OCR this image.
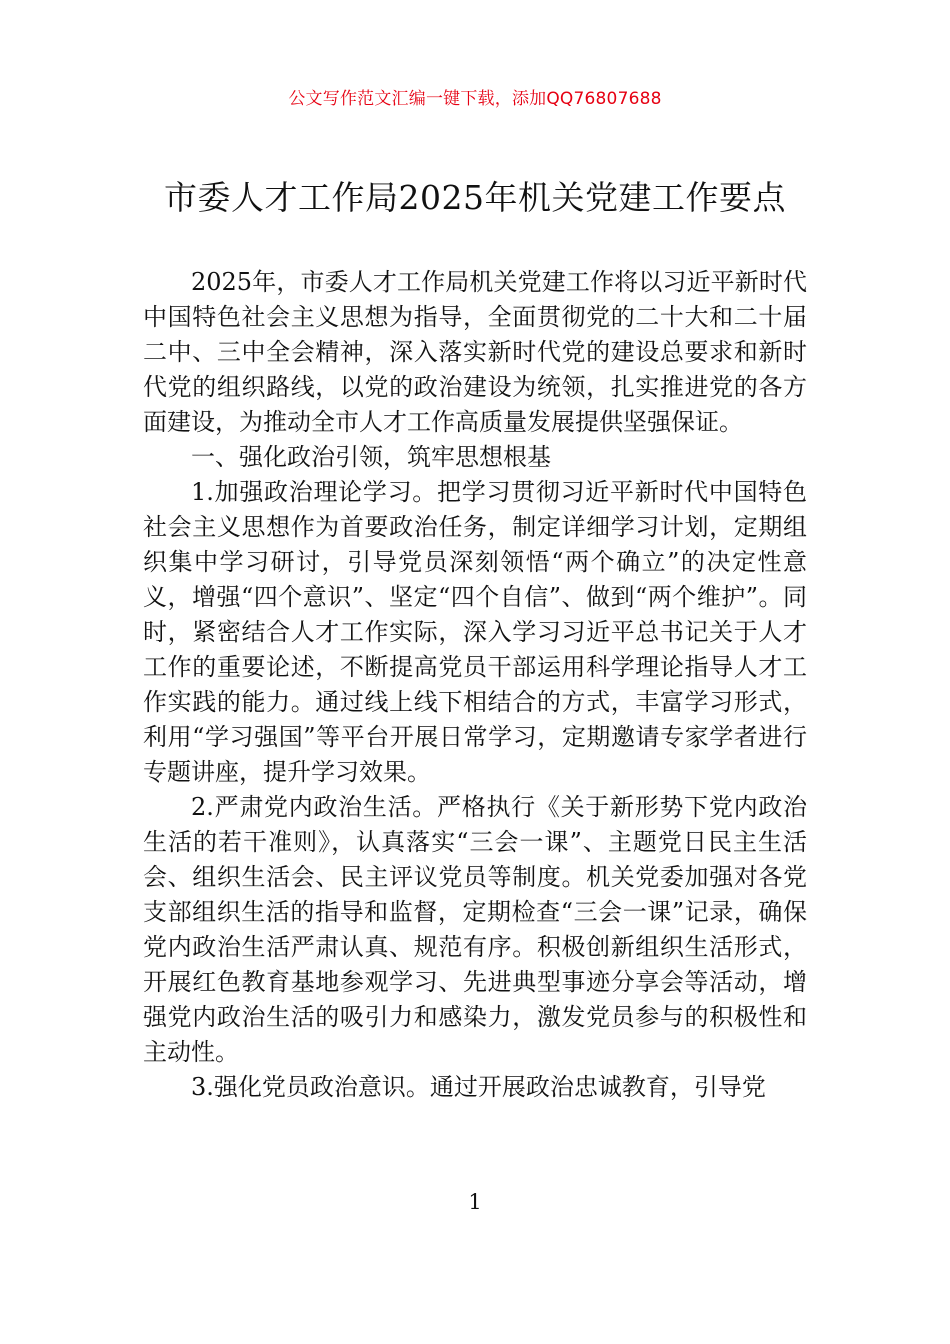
公文写作范文汇编一键下载，添加QQ76807688
市委人才工作局2025年机关党建工作要点

2025年，市委人才工作局机关党建工作将以习近平新时代中国特色社会主义思想为指导，全面贯彻党的二十大和二十届二中、三中全会精神，深入落实新时代党的建设总要求和新时代党的组织路线，以党的政治建设为统领，扎实推进党的各方面建设，为推动全市人才工作高质量发展提供坚强保证。

一、强化政治引领，筑牢思想根基

1.加强政治理论学习。把学习贯彻习近平新时代中国特色社会主义思想作为首要政治任务，制定详细学习计划，定期组织集中学习研讨，引导党员深刻领悟“两个确立”的决定性意义，增强“四个意识”、坚定“四个自信”、做到“两个维护”。同时，紧密结合人才工作实际，深入学习习近平总书记关于人才工作的重要论述，不断提高党员干部运用科学理论指导人才工作实践的能力。通过线上线下相结合的方式，丰富学习形式，利用“学习强国”等平台开展日常学习，定期邀请专家学者进行专题讲座，提升学习效果。

2.严肃党内政治生活。严格执行《关于新形势下党内政治生活的若干准则》，认真落实“三会一课”、主题党日民主生活会、组织生活会、民主评议党员等制度。机关党委加强对各党支部组织生活的指导和监督，定期检查“三会一课”记录，确保党内政治生活严肃认真、规范有序。积极创新组织生活形式，开展红色教育基地参观学习、先进典型事迹分享会等活动，增强党内政治生活的吸引力和感染力，激发党员参与的积极性和主动性。

3.强化党员政治意识。通过开展政治忠诚教育，引导党

1
